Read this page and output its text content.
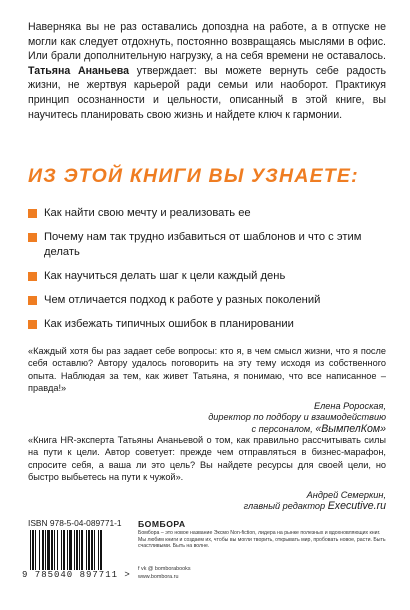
Наверняка вы не раз оставались допоздна на работе, а в отпуске не могли как следует отдохнуть, постоянно возвращаясь мыслями в офис. Или брали дополнительную нагрузку, а на себя времени не оставалось. Татьяна Ананьева утверждает: вы можете вернуть себе радость жизни, не жертвуя карьерой ради семьи или наоборот. Практикуя принцип осознанности и цельности, описанный в этой книге, вы научитесь планировать свою жизнь и найдете ключ к гармонии.

ИЗ ЭТОЙ КНИГИ ВЫ УЗНАЕТЕ:
Как найти свою мечту и реализовать ее
Почему нам так трудно избавиться от шаблонов и что с этим делать
Как научиться делать шаг к цели каждый день
Чем отличается подход к работе у разных поколений
Как избежать типичных ошибок в планировании

«Каждый хотя бы раз задает себе вопросы: кто я, в чем смысл жизни, что я после себя оставлю? Автору удалось поговорить на эту тему исходя из собственного опыта. Наблюдая за тем, как живет Татьяна, я понимаю, что все написанное – правда!»

Елена Ророская,
директор по подбору и взаимодействию
с персоналом, «ВымпелКом»

«Книга HR-эксперта Татьяны Ананьевой о том, как правильно рассчитывать силы на пути к цели. Автор советует: прежде чем отправляться в бизнес-марафон, спросите себя, а ваша ли это цель? Вы найдете ресурсы для своей цели, но быстро выбьетесь на пути к чужой».

Андрей Семеркин,
главный редактор Executive.ru
ISBN 978-5-04-089771-1
9 785040 897711 >
БОМБОРА

Бомбора – это новое название Эксмо Non-fiction, лидера на рынке полезных и вдохновляющих книг. Мы любим книги и создаем их, чтобы вы могли творить, открывать мир, пробовать новое, расти. Быть счастливыми. Быть на волне.

f vk @ bomborabooks
www.bombora.ru
